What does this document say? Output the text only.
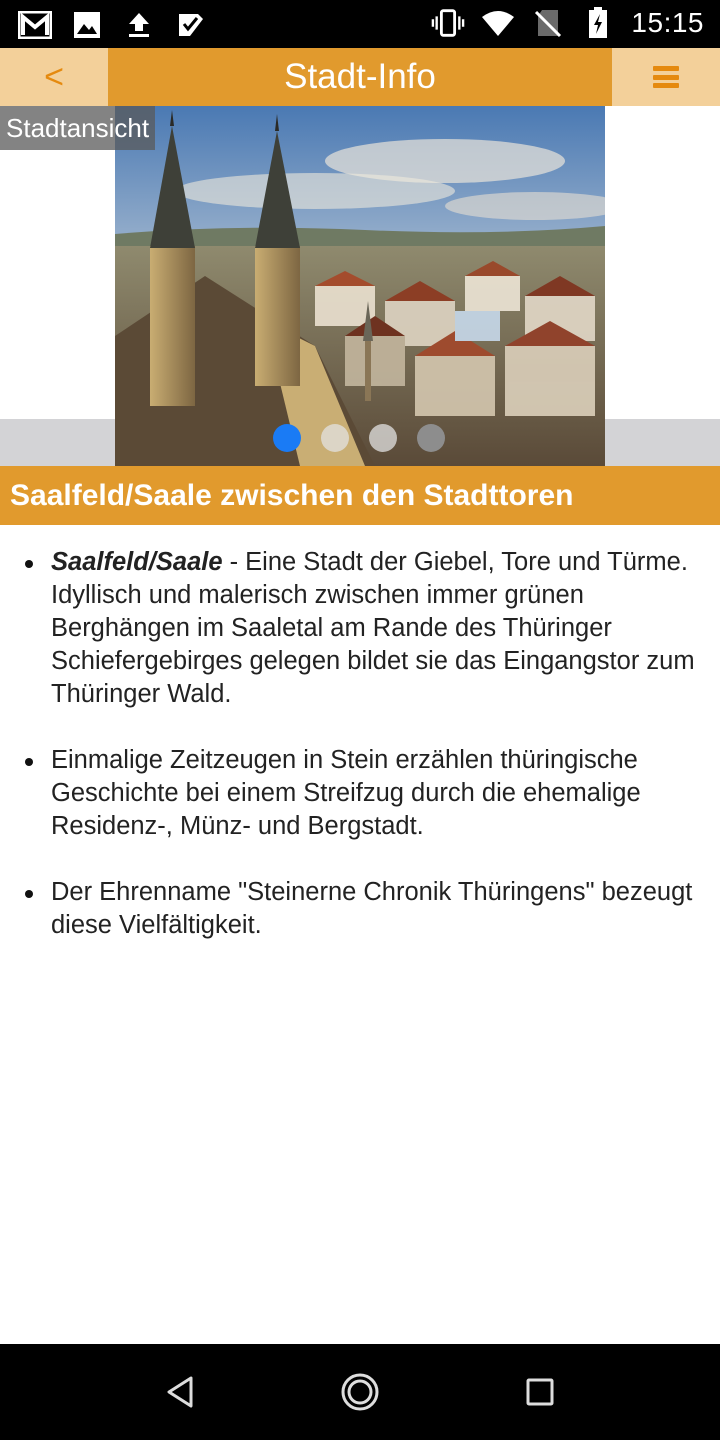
15:15
<	Stadt-Info
Stadtansicht
Saalfeld/Saale zwischen den Stadttoren
Saalfeld/Saale - Eine Stadt der Giebel, Tore und Türme. Idyllisch und malerisch zwischen immer grünen Berghängen im Saaletal am Rande des Thüringer Schiefergebirges gelegen bildet sie das Eingangstor zum Thüringer Wald.
Einmalige Zeitzeugen in Stein erzählen thüringische Geschichte bei einem Streifzug durch die ehemalige Residenz-, Münz- und Bergstadt.
Der Ehrenname "Steinerne Chronik Thüringens" bezeugt diese Vielfältigkeit.
